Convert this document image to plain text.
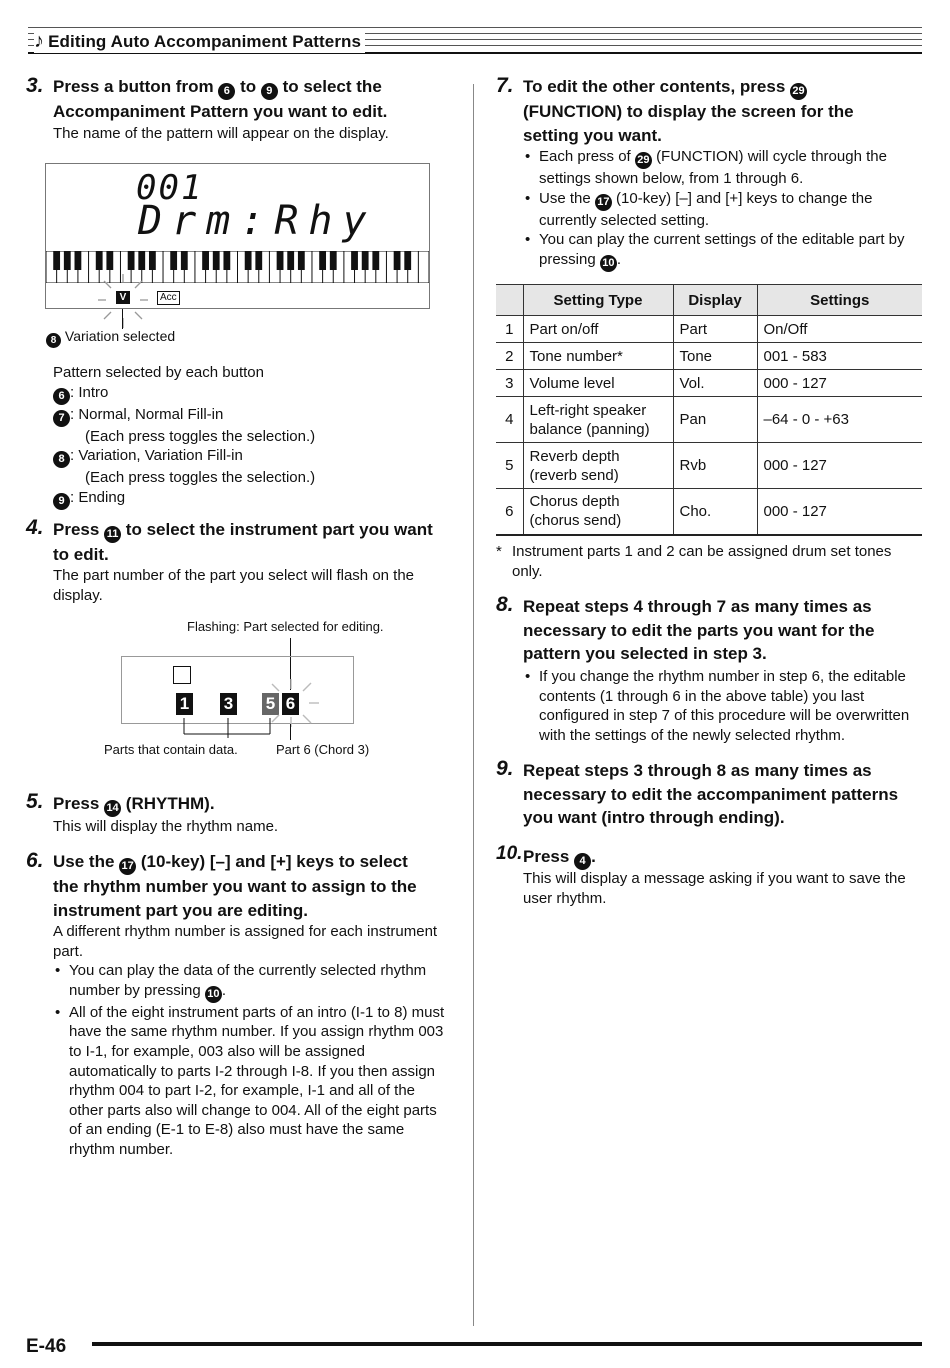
♪ Editing Auto Accompaniment Patterns
3. Press a button from 6 to 9 to select the
Accompaniment Pattern you want to edit.
The name of the pattern will appear on the display.
001
Drm:Rhy
V	Acc
8 Variation selected
Pattern selected by each button
6 : Intro
7 : Normal, Normal Fill-in
(Each press toggles the selection.)
8 : Variation, Variation Fill-in
(Each press toggles the selection.)
9 : Ending
4. Press 11 to select the instrument part you want
to edit.
The part number of the part you select will flash on the display.
Flashing: Part selected for editing.
1 3 5 6
Parts that contain data.	Part 6 (Chord 3)
5. Press 14 (RHYTHM).
This will display the rhythm name.
6. Use the 17 (10-key) [–] and [+] keys to select
the rhythm number you want to assign to the
instrument part you are editing.
A different rhythm number is assigned for each instrument part.
• You can play the data of the currently selected rhythm number by pressing 10 .
• All of the eight instrument parts of an intro (I-1 to 8) must have the same rhythm number. If you assign rhythm 003 to I-1, for example, 003 also will be assigned automatically to parts I-2 through I-8. If you then assign rhythm 004 to part I-2, for example, I-1 and all of the other parts also will change to 004. All of the eight parts of an ending (E-1 to E-8) also must have the same rhythm number.
7. To edit the other contents, press 29
(FUNCTION) to display the screen for the
setting you want.
• Each press of 29 (FUNCTION) will cycle through the settings shown below, from 1 through 6.
• Use the 17 (10-key) [–] and [+] keys to change the currently selected setting.
• You can play the current settings of the editable part by pressing 10 .
	Setting Type	Display	Settings
1	Part on/off	Part	On/Off
2	Tone number*	Tone	001 - 583
3	Volume level	Vol.	000 - 127
4	Left-right speaker balance (panning)	Pan	–64 - 0 - +63
5	Reverb depth (reverb send)	Rvb	000 - 127
6	Chorus depth (chorus send)	Cho.	000 - 127
* Instrument parts 1 and 2 can be assigned drum set tones only.
8. Repeat steps 4 through 7 as many times as
necessary to edit the parts you want for the
pattern you selected in step 3.
• If you change the rhythm number in step 6, the editable contents (1 through 6 in the above table) you last configured in step 7 of this procedure will be overwritten with the settings of the newly selected rhythm.
9. Repeat steps 3 through 8 as many times as
necessary to edit the accompaniment patterns
you want (intro through ending).
10. Press 4 .
This will display a message asking if you want to save the user rhythm.
E-46
